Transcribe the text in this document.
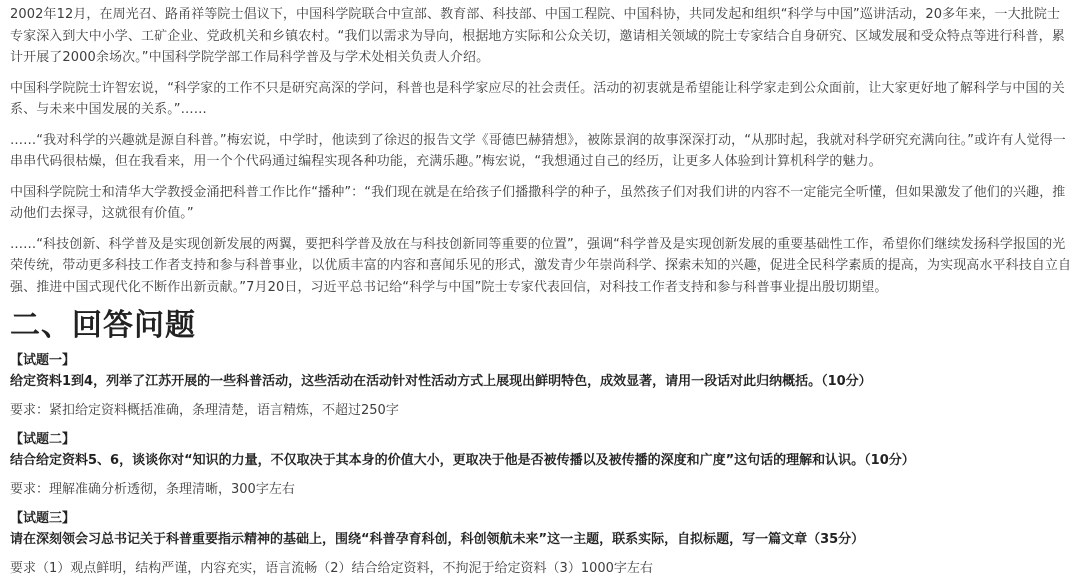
2002年12月，在周光召、路甬祥等院士倡议下，中国科学院联合中宣部、教育部、科技部、中国工程院、中国科协，共同发起和组织“科学与中国”巡讲活动，20多年来，一大批院士专家深入到大中小学、工矿企业、党政机关和乡镇农村。“我们以需求为导向，根据地方实际和公众关切，邀请相关领域的院士专家结合自身研究、区域发展和受众特点等进行科普，累计开展了2000余场次。”中国科学院学部工作局科学普及与学术处相关负责人介绍。

中国科学院院士许智宏说，“科学家的工作不只是研究高深的学问，科普也是科学家应尽的社会责任。活动的初衷就是希望能让科学家走到公众面前，让大家更好地了解科学与中国的关系、与未来中国发展的关系。”……

……“我对科学的兴趣就是源自科普。”梅宏说，中学时，他读到了徐迟的报告文学《哥德巴赫猜想》，被陈景润的故事深深打动，“从那时起，我就对科学研究充满向往。”或许有人觉得一串串代码很枯燥，但在我看来，用一个个代码通过编程实现各种功能，充满乐趣。”梅宏说，“我想通过自己的经历，让更多人体验到计算机科学的魅力。

中国科学院院士和清华大学教授金涌把科普工作比作“播种”：“我们现在就是在给孩子们播撒科学的种子，虽然孩子们对我们讲的内容不一定能完全听懂，但如果激发了他们的兴趣，推动他们去探寻，这就很有价值。”

……“科技创新、科学普及是实现创新发展的两翼，要把科学普及放在与科技创新同等重要的位置”，强调“科学普及是实现创新发展的重要基础性工作，希望你们继续发扬科学报国的光荣传统，带动更多科技工作者支持和参与科普事业，以优质丰富的内容和喜闻乐见的形式，激发青少年崇尚科学、探索未知的兴趣，促进全民科学素质的提高，为实现高水平科技自立自强、推进中国式现代化不断作出新贡献。”7月20日，习近平总书记给“科学与中国”院士专家代表回信，对科技工作者支持和参与科普事业提出殷切期望。

二、回答问题

【试题一】

给定资料1到4，列举了江苏开展的一些科普活动，这些活动在活动针对性活动方式上展现出鲜明特色，成效显著，请用一段话对此归纳概括。（10分）

要求：紧扣给定资料概括准确，条理清楚，语言精炼，不超过250字

【试题二】

结合给定资料5、6，谈谈你对“知识的力量，不仅取决于其本身的价值大小，更取决于他是否被传播以及被传播的深度和广度”这句话的理解和认识。（10分）

要求：理解准确分析透彻，条理清晰，300字左右

【试题三】

请在深刻领会习总书记关于科普重要指示精神的基础上，围绕“科普孕育科创，科创领航未来”这一主题，联系实际，自拟标题，写一篇文章（35分）

要求（1）观点鲜明，结构严谨，内容充实，语言流畅（2）结合给定资料，不拘泥于给定资料（3）1000字左右
